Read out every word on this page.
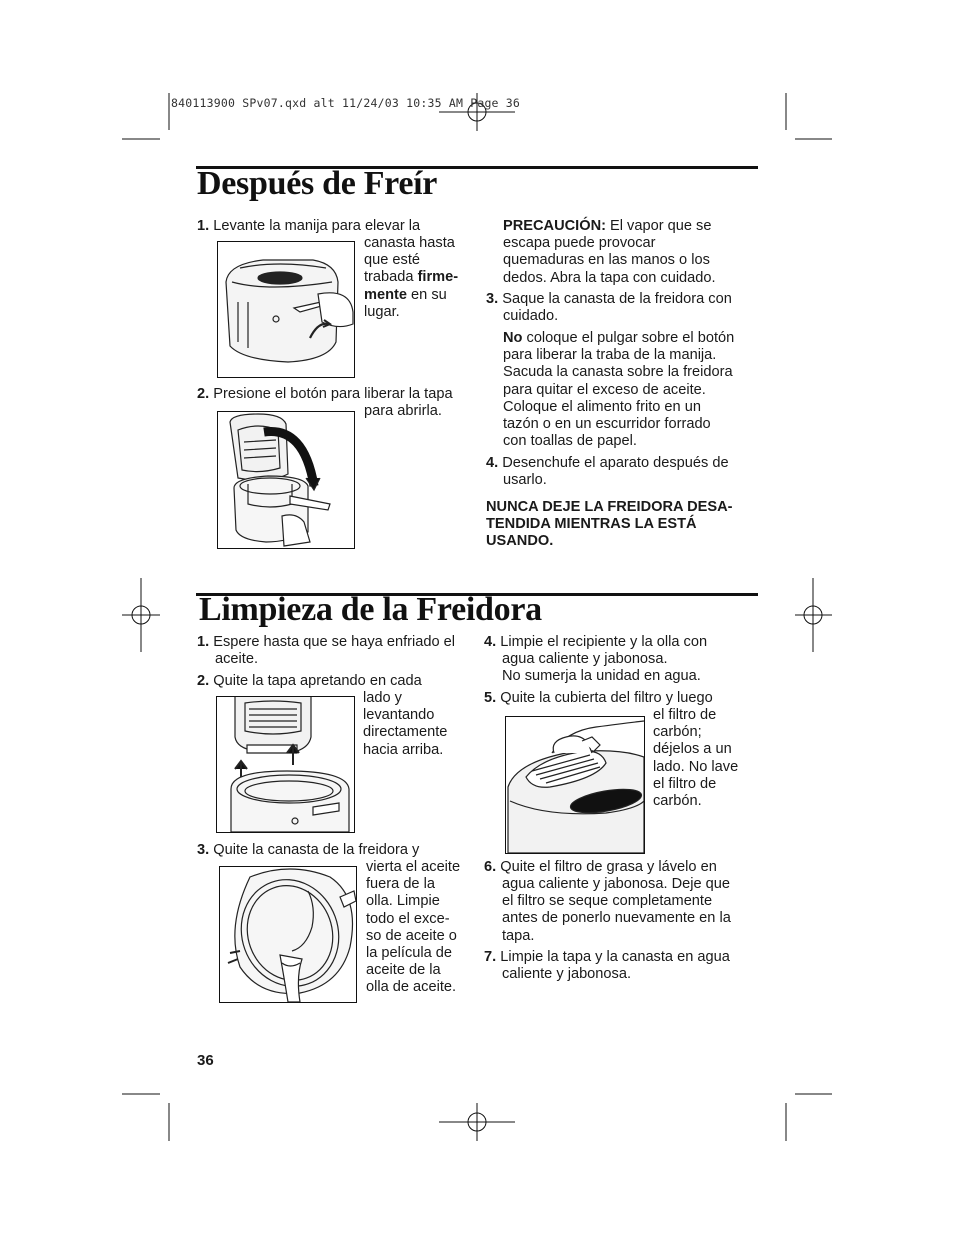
840113900 SPv07.qxd alt 11/24/03 10:35 AM Page 36
Después de Freír
1. Levante la manija para elevar la
canasta hasta
que esté
trabada firme-
mente en su
lugar.
2. Presione el botón para liberar la tapa
para abrirla.
PRECAUCIÓN: El vapor que se
escapa puede provocar
quemaduras en las manos o los
dedos. Abra la tapa con cuidado.
3. Saque la canasta de la freidora con
cuidado.
No coloque el pulgar sobre el botón
para liberar la traba de la manija.
Sacuda la canasta sobre la freidora
para quitar el exceso de aceite.
Coloque el alimento frito en un
tazón o en un escurridor forrado
con toallas de papel.
4. Desenchufe el aparato después de
usarlo.
NUNCA DEJE LA FREIDORA DESA-
TENDIDA MIENTRAS LA ESTÁ
USANDO.
Limpieza de la Freidora
1. Espere hasta que se haya enfriado el
aceite.
2. Quite la tapa apretando en cada
lado y
levantando
directamente
hacia arriba.
3. Quite la canasta de la freidora y
vierta el aceite
fuera de la
olla. Limpie
todo el exce-
so de aceite o
la película de
aceite de la
olla de aceite.
4. Limpie el recipiente y la olla con
agua caliente y jabonosa.
No sumerja la unidad en agua.
5. Quite la cubierta del filtro y luego
el filtro de
carbón;
déjelos a un
lado. No lave
el filtro de
carbón.
6. Quite el filtro de grasa y lávelo en
agua caliente y jabonosa. Deje que
el filtro se seque completamente
antes de ponerlo nuevamente en la
tapa.
7. Limpie la tapa y la canasta en agua
caliente y jabonosa.
36
